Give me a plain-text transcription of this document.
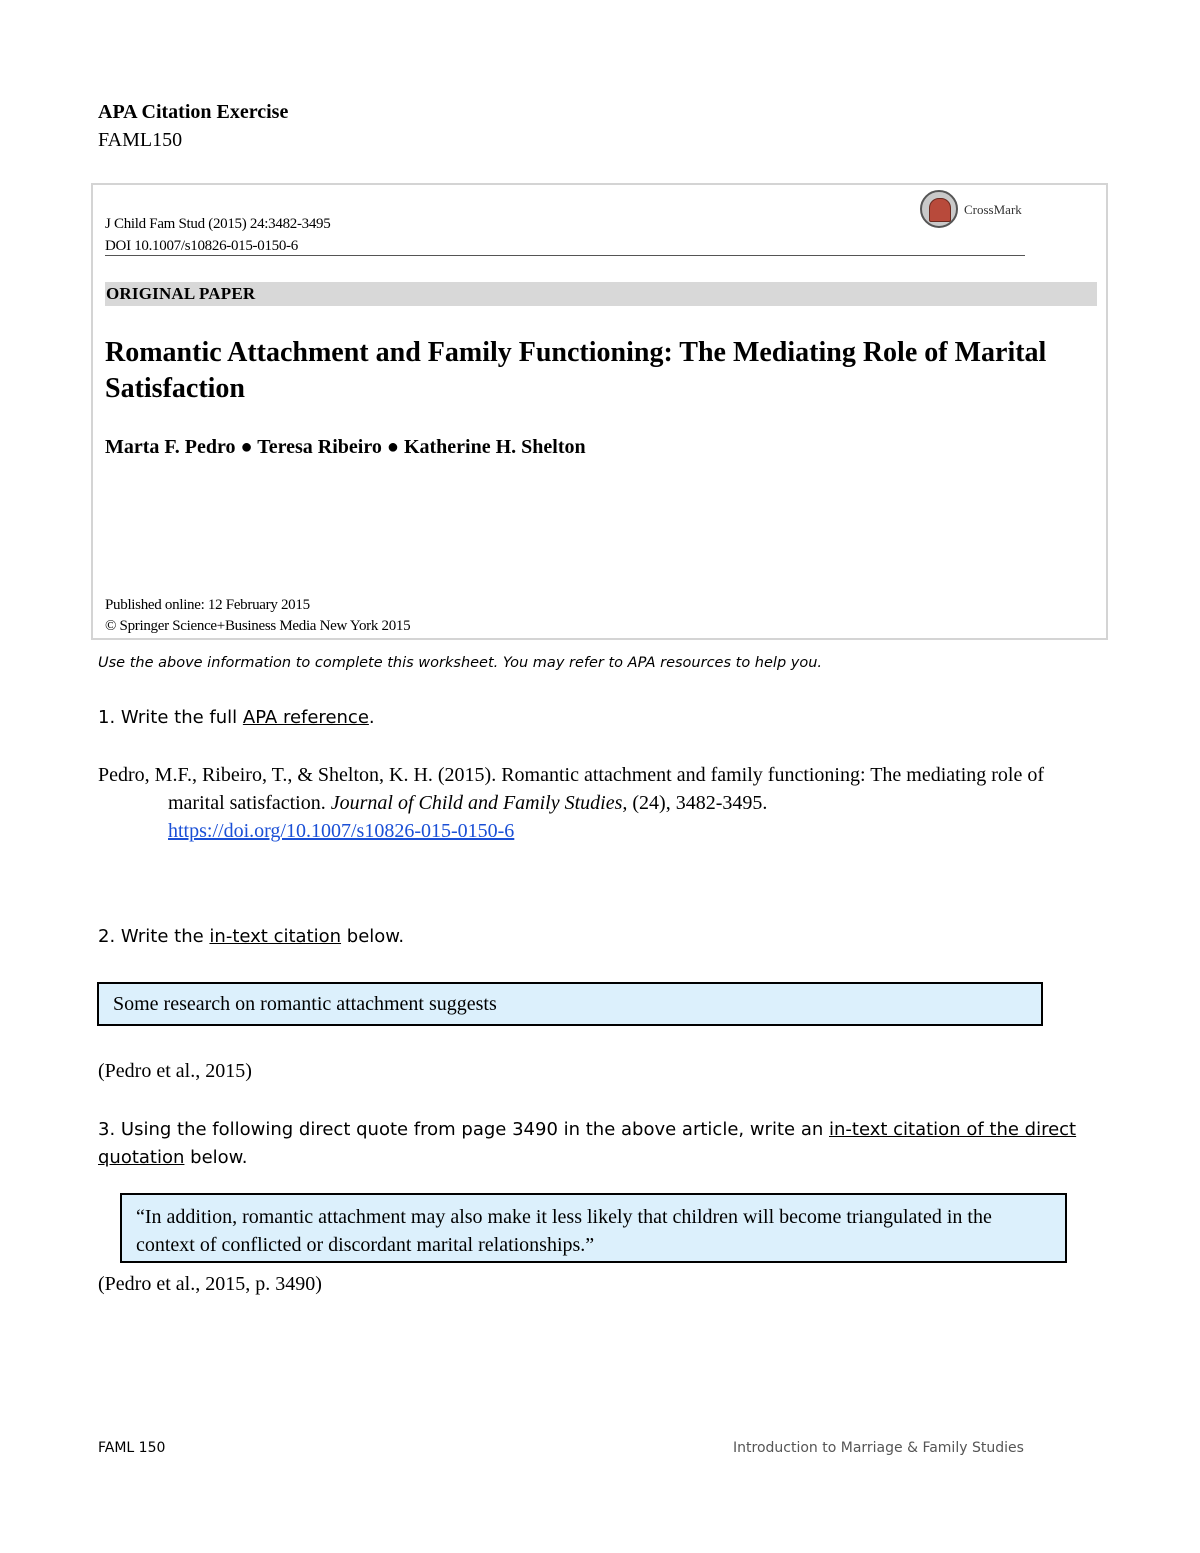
APA Citation Exercise
FAML150
J Child Fam Stud (2015) 24:3482-3495
DOI 10.1007/s10826-015-0150-6
CrossMark
ORIGINAL PAPER
Romantic Attachment and Family Functioning: The Mediating Role of Marital Satisfaction
Marta F. Pedro ● Teresa Ribeiro ● Katherine H. Shelton
Published online: 12 February 2015
© Springer Science+Business Media New York 2015
Use the above information to complete this worksheet. You may refer to APA resources to help you.
1. Write the full APA reference.
Pedro, M.F., Ribeiro, T., & Shelton, K. H. (2015). Romantic attachment and family functioning: The mediating role of marital satisfaction. Journal of Child and Family Studies, (24), 3482-3495.
https://doi.org/10.1007/s10826-015-0150-6
2. Write the in-text citation below.
Some research on romantic attachment suggests
(Pedro et al., 2015)
3. Using the following direct quote from page 3490 in the above article, write an in-text citation of the direct quotation below.
“In addition, romantic attachment may also make it less likely that children will become triangulated in the context of conflicted or discordant marital relationships.”
(Pedro et al., 2015, p. 3490)
FAML 150	Introduction to Marriage & Family Studies
